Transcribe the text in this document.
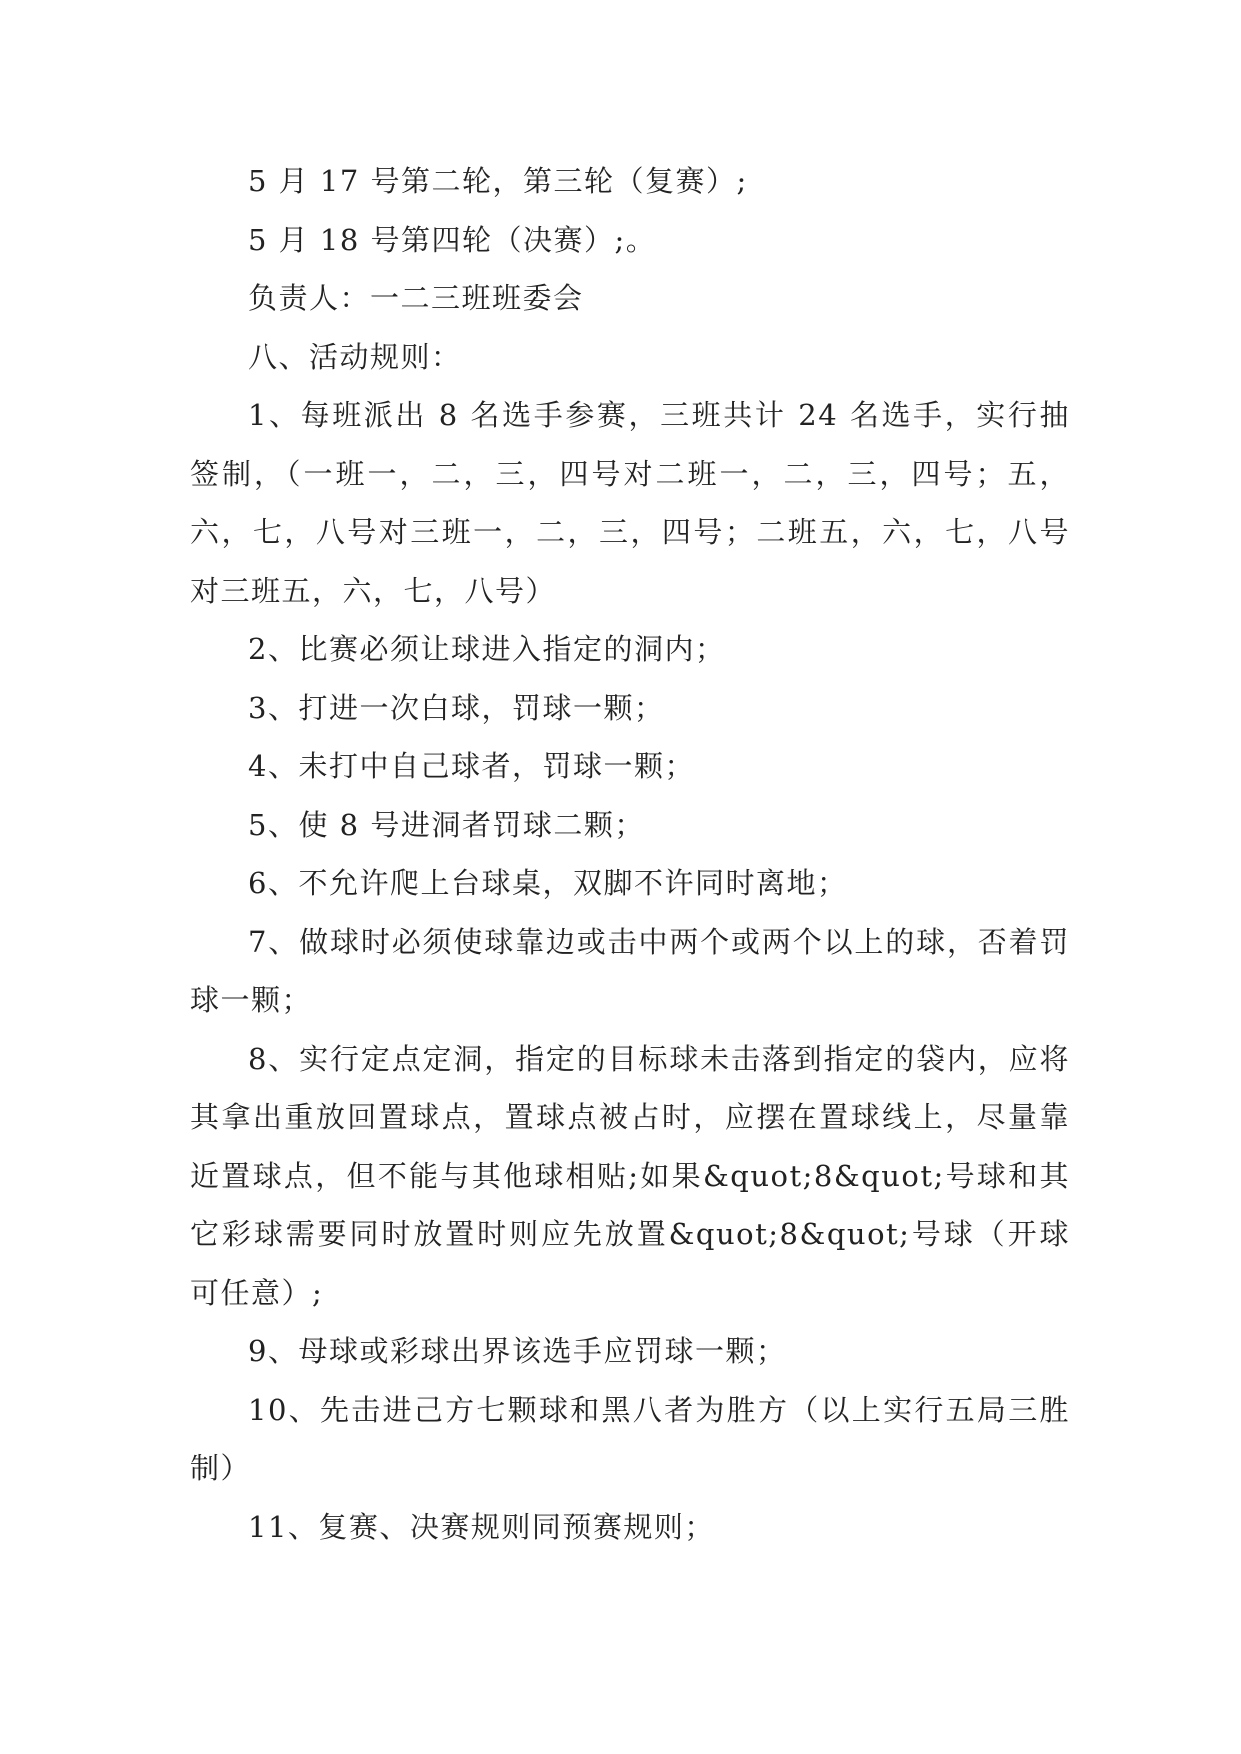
5 月 17 号第二轮，第三轮（复赛）;

5 月 18 号第四轮（决赛）;。

负责人：一二三班班委会

八、活动规则：

1、每班派出 8 名选手参赛，三班共计 24 名选手，实行抽签制，（一班一，二，三，四号对二班一，二，三，四号；五，六，七，八号对三班一，二，三，四号；二班五，六，七，八号对三班五，六，七，八号）

2、比赛必须让球进入指定的洞内；

3、打进一次白球，罚球一颗；

4、未打中自己球者，罚球一颗；

5、使 8 号进洞者罚球二颗；

6、不允许爬上台球桌，双脚不许同时离地；

7、做球时必须使球靠边或击中两个或两个以上的球，否着罚球一颗；

8、实行定点定洞，指定的目标球未击落到指定的袋内，应将其拿出重放回置球点，置球点被占时，应摆在置球线上，尽量靠近置球点，但不能与其他球相贴;如果&quot;8&quot;号球和其它彩球需要同时放置时则应先放置&quot;8&quot;号球（开球可任意）;

9、母球或彩球出界该选手应罚球一颗；

10、先击进己方七颗球和黑八者为胜方（以上实行五局三胜制）

11、复赛、决赛规则同预赛规则；
